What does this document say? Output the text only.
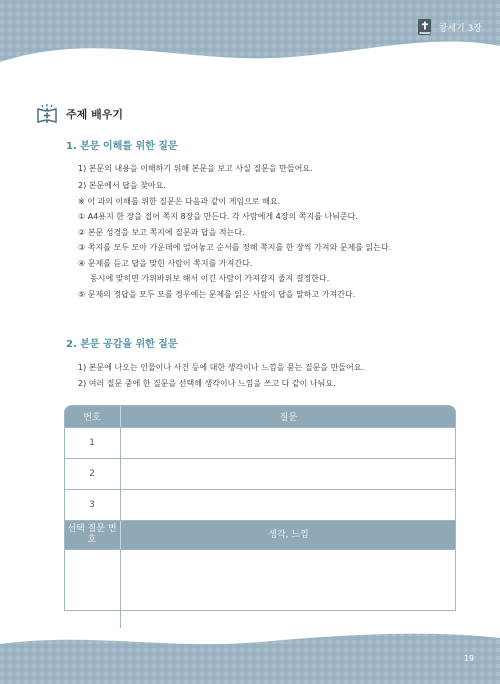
창세기 3장
주제 배우기
1. 본문 이해를 위한 질문
1) 본문의 내용을 이해하기 위해 본문을 보고 사실 질문을 만들어요.
2) 본문에서 답을 찾아요.
※ 이 과의 이해를 위한 질문은 다음과 같이 게임으로 해요.
① A4용지 한 장을 접어 쪽지 8장을 만든다. 각 사람에게 4장의 쪽지를 나눠준다.
② 본문 성경을 보고 쪽지에 질문과 답을 적는다.
③ 쪽지를 모두 모아 가운데에 엎어놓고 순서를 정해 쪽지를 한 장씩 가져와 문제를 읽는다.
④ 문제를 듣고 답을 맞힌 사람이 쪽지를 가져간다.
동시에 맞히면 가위바위보 해서 이긴 사람이 가져갈지 줄지 결정한다.
⑤ 문제의 정답을 모두 모를 경우에는 문제를 읽은 사람이 답을 말하고 가져간다.
2. 본문 공감을 위한 질문
1) 본문에 나오는 인물이나 사건 등에 대한 생각이나 느낌을 묻는 질문을 만들어요.
2) 여러 질문 중에 한 질문을 선택해 생각이나 느낌을 쓰고 다 같이 나눠요.
번호	질문
1
2
3
선택 질문 번호
생각, 느낌
19
